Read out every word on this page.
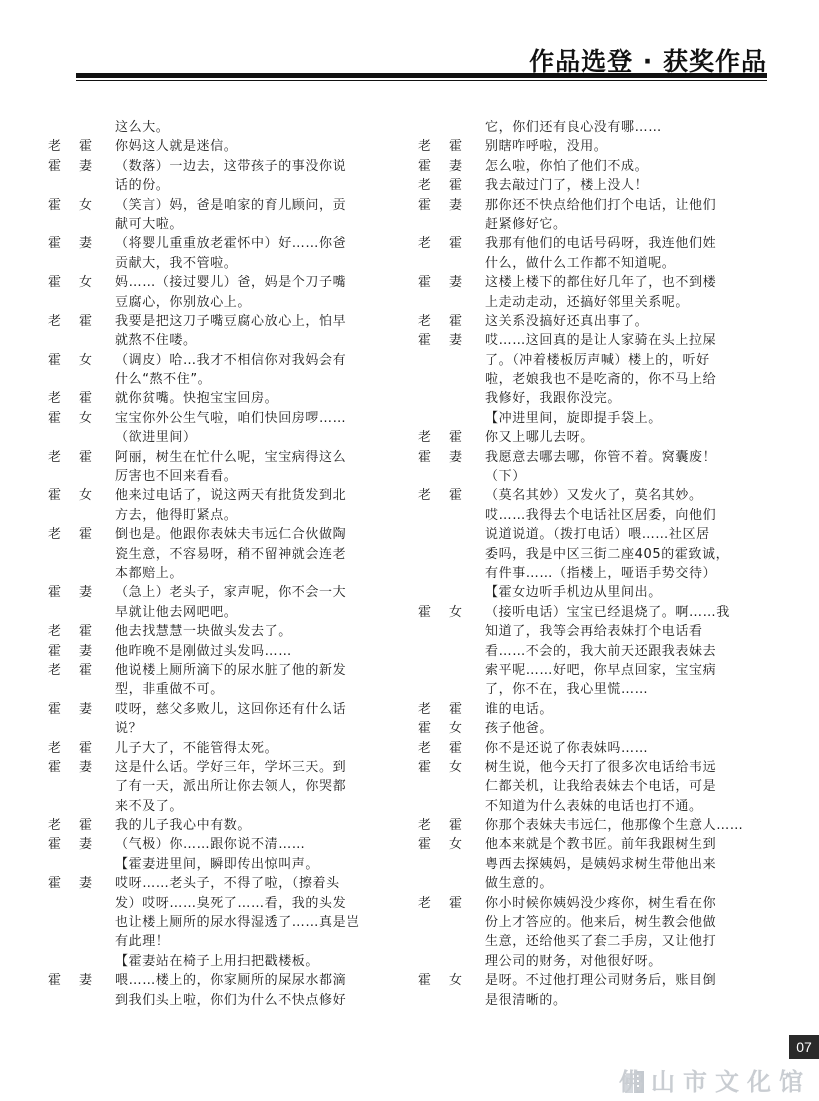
作品选登 · 获奖作品
这么大。
老霍 你妈这人就是迷信。
霍妻 （数落）一边去，这带孩子的事没你说
话的份。
霍女 （笑言）妈，爸是咱家的育儿顾问，贡
献可大啦。
霍妻 （将婴儿重重放老霍怀中）好……你爸
贡献大，我不管啦。
霍女 妈……（接过婴儿）爸，妈是个刀子嘴
豆腐心，你别放心上。
老霍 我要是把这刀子嘴豆腐心放心上，怕早
就熬不住喽。
霍女 （调皮）哈…我才不相信你对我妈会有
什么“熬不住”。
老霍 就你贫嘴。快抱宝宝回房。
霍女 宝宝你外公生气啦，咱们快回房啰……
（欲进里间）
老霍 阿丽，树生在忙什么呢，宝宝病得这么
厉害也不回来看看。
霍女 他来过电话了，说这两天有批货发到北
方去，他得盯紧点。
老霍 倒也是。他跟你表妹夫韦远仁合伙做陶
瓷生意，不容易呀，稍不留神就会连老
本都赔上。
霍妻 （急上）老头子，家声呢，你不会一大
早就让他去网吧吧。
老霍 他去找慧慧一块做头发去了。
霍妻 他昨晚不是刚做过头发吗……
老霍 他说楼上厕所滴下的尿水脏了他的新发
型，非重做不可。
霍妻 哎呀，慈父多败儿，这回你还有什么话
说？
老霍 儿子大了，不能管得太死。
霍妻 这是什么话。学好三年，学坏三天。到
了有一天，派出所让你去领人，你哭都
来不及了。
老霍 我的儿子我心中有数。
霍妻 （气极）你……跟你说不清……
【霍妻进里间，瞬即传出惊叫声。
霍妻 哎呀……老头子，不得了啦，（擦着头
发）哎呀……臭死了……看，我的头发
也让楼上厕所的尿水得湿透了……真是岂
有此理！
【霍妻站在椅子上用扫把戳楼板。
霍妻 喂……楼上的，你家厕所的屎尿水都滴
到我们头上啦，你们为什么不快点修好
它，你们还有良心没有哪……
老霍 别瞎咋呼啦，没用。
霍妻 怎么啦，你怕了他们不成。
老霍 我去敲过门了，楼上没人！
霍妻 那你还不快点给他们打个电话，让他们
赶紧修好它。
老霍 我那有他们的电话号码呀，我连他们姓
什么，做什么工作都不知道呢。
霍妻 这楼上楼下的都住好几年了，也不到楼
上走动走动，还搞好邻里关系呢。
老霍 这关系没搞好还真出事了。
霍妻 哎……这回真的是让人家骑在头上拉屎
了。（冲着楼板厉声喊）楼上的，听好
啦，老娘我也不是吃斋的，你不马上给
我修好，我跟你没完。
【冲进里间，旋即提手袋上。
老霍 你又上哪儿去呀。
霍妻 我愿意去哪去哪，你管不着。窝囊废！
（下）
老霍 （莫名其妙）又发火了，莫名其妙。
哎……我得去个电话社区居委，向他们
说道说道。（拨打电话）喂……社区居
委吗，我是中区三街二座405的霍致诚，
有件事……（指楼上，哑语手势交待）
【霍女边听手机边从里间出。
霍女 （接听电话）宝宝已经退烧了。啊……我
知道了，我等会再给表妹打个电话看
看……不会的，我大前天还跟我表妹去
索平呢……好吧，你早点回家，宝宝病
了，你不在，我心里慌……
老霍 谁的电话。
霍女 孩子他爸。
老霍 你不是还说了你表妹吗……
霍女 树生说，他今天打了很多次电话给韦远
仁都关机，让我给表妹去个电话，可是
不知道为什么表妹的电话也打不通。
老霍 你那个表妹夫韦远仁，他那像个生意人……
霍女 他本来就是个教书匠。前年我跟树生到
粤西去探姨妈，是姨妈求树生带他出来
做生意的。
老霍 你小时候你姨妈没少疼你，树生看在你
份上才答应的。他来后，树生教会他做
生意，还给他买了套二手房，又让他打
理公司的财务，对他很好呀。
霍女 是呀。不过他打理公司财务后，账目倒
是很清晰的。
07
佛山市文化馆
